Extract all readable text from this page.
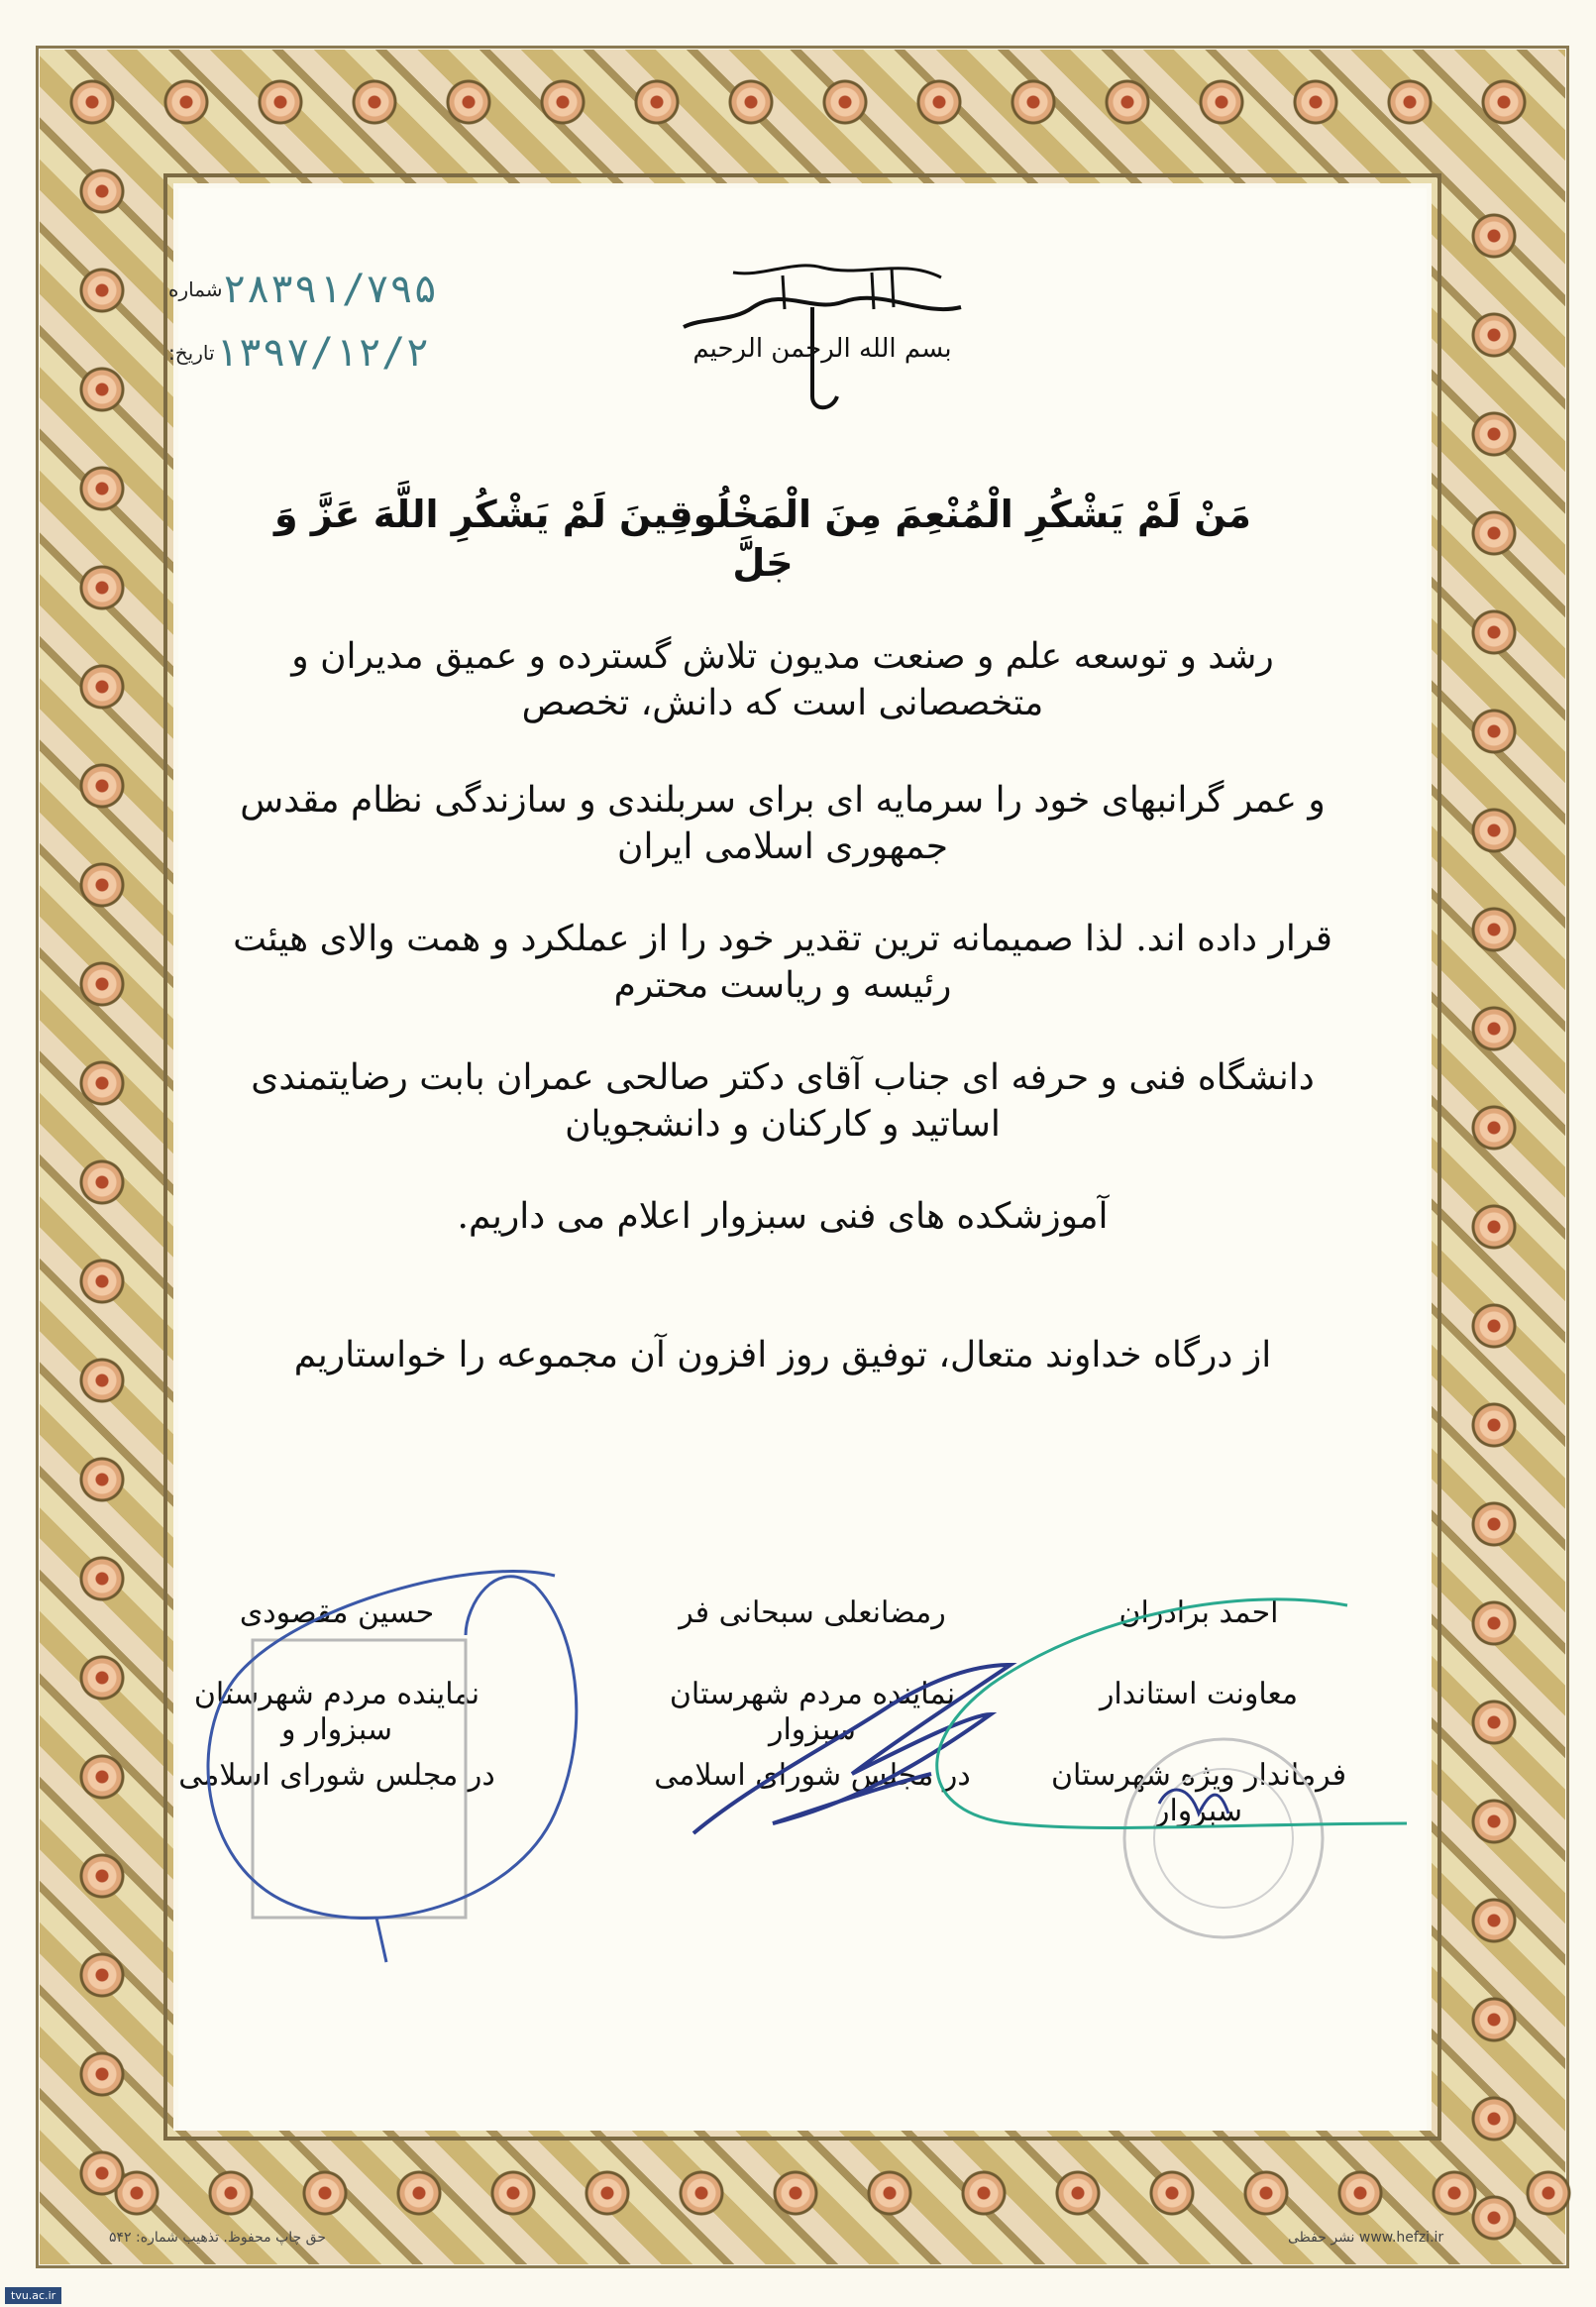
شماره ۲۸۳۹۱/۷۹۵
تاریخ: ۱۳۹۷/۱۲/۲	بسم الله الرحمن الرحیم
مَنْ لَمْ يَشْكُرِ الْمُنْعِمَ مِنَ الْمَخْلُوقِينَ لَمْ يَشْكُرِ اللَّهَ عَزَّ وَ جَلَّ
رشد و توسعه علم و صنعت مدیون تلاش گسترده و عمیق مدیران و متخصصانی است که دانش، تخصص
و عمر گرانبهای خود را سرمایه ای برای سربلندی و سازندگی نظام مقدس جمهوری اسلامی ایران
قرار داده اند. لذا صمیمانه ترین تقدیر خود را از عملکرد و همت والای هیئت رئیسه و ریاست محترم
دانشگاه فنی و حرفه ای جناب آقای دکتر صالحی عمران بابت رضایتمندی اساتید و کارکنان و دانشجویان
آموزشکده های فنی سبزوار اعلام می داریم.
از درگاه خداوند متعال، توفیق روز افزون آن مجموعه را خواستاریم
حسین مقصودی
نماینده مردم شهرستان سبزوار و
در مجلس شورای اسلامی
رمضانعلی سبحانی فر
نماینده مردم شهرستان سبزوار
در مجلس شورای اسلامی
احمد برادران
معاونت استاندار
فرماندار ویژه شهرستان سبزوار
حق چاپ محفوظ. تذهیب شماره: ۵۴۲	www.hefzi.ir نشر حفظی
tvu.ac.ir
